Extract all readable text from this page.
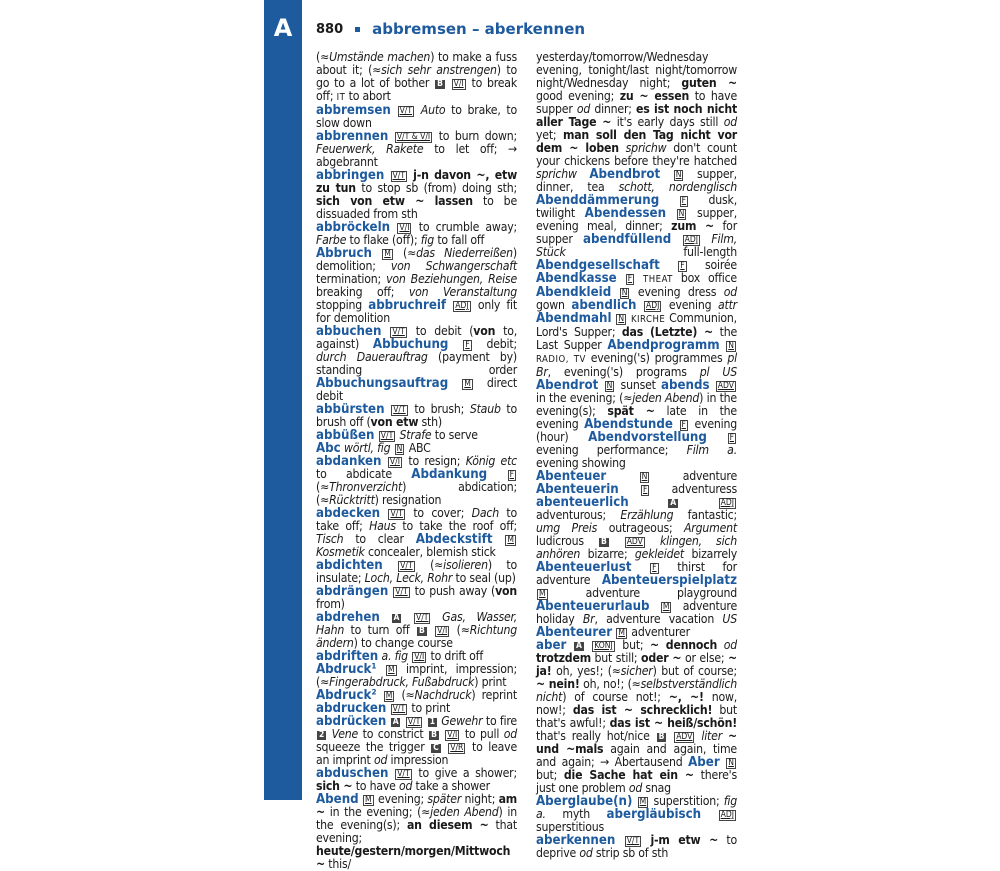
A	880 abbremsen – aberkennen

(≈Umstände machen) to make a fuss about it; (≈sich sehr anstrengen) to go to a lot of bother B V/I to break off; IT to abort

abbremsen V/T Auto to brake, to slow down

abbrennen V/T & V/I to burn down; Feuerwerk, Rakete to let off; → abgebrannt

abbringen V/T j-n davon ~, etw zu tun to stop sb (from) doing sth; sich von etw ~ lassen to be dissuaded from sth

abbröckeln V/I to crumble away; Farbe to flake (off); fig to fall off

Abbruch M (≈das Niederreißen) demolition; von Schwangerschaft termination; von Beziehungen, Reise breaking off; von Veranstaltung stopping abbruchreif ADJ only fit for demolition

abbuchen V/T to debit (von to, against) Abbuchung F debit; durch Dauerauftrag (payment by) standing order Abbuchungsauftrag M direct debit

abbürsten V/T to brush; Staub to brush off (von etw sth)

abbüßen V/T Strafe to serve

Abc wörtl, fig N ABC

abdanken V/I to resign; König etc to abdicate Abdankung	F (≈Thronverzicht) abdication; (≈Rücktritt) resignation

abdecken V/T to cover; Dach to take off; Haus to take the roof off; Tisch to clear Abdeckstift M Kosmetik concealer, blemish stick

abdichten V/T (≈isolieren) to insulate; Loch, Leck, Rohr to seal (up)

abdrängen V/T to push away (von from)

abdrehen A V/T Gas, Wasser, Hahn to turn off B V/I (≈Richtung ändern) to change course

abdriften a. fig V/I to drift off

Abdruck¹ M imprint, impression; (≈Fingerabdruck, Fußabdruck) print

Abdruck² M (≈Nachdruck) reprint abdrucken V/T to print

abdrücken A V/T 1 Gewehr to fire 2 Vene to constrict B V/I to pull od squeeze the trigger C V/R to leave an imprint od impression

abduschen V/T to give a shower; sich ~ to have od take a shower

Abend M evening; später night; am ~ in the evening; (≈jeden Abend) in the evening(s); an diesem ~ that evening; heute/gestern/morgen/Mittwoch ~ this/

yesterday/tomorrow/Wednesday evening, tonight/last night/tomorrow night/Wednesday night; guten ~ good evening; zu ~ essen to have supper od dinner; es ist noch nicht aller Tage ~ it's early days still od yet; man soll den Tag nicht vor dem ~ loben sprichw don't count your chickens before they're hatched sprichw Abendbrot N supper, dinner, tea schott, nordenglisch Abenddämmerung	F dusk, twilight Abendessen N supper, evening meal, dinner; zum ~ for supper abendfüllend ADJ Film, Stück full-length Abendgesellschaft F soirée Abendkasse F THEAT box office Abendkleid N evening dress od gown abendlich ADJ evening attr Abendmahl N KIRCHE Communion, Lord's Supper; das (Letzte) ~ the Last Supper Abendprogramm N RADIO, TV evening('s) programmes pl Br, evening('s) programs pl US Abendrot N sunset abends ADV in the evening; (≈jeden Abend) in the evening(s); spät ~ late in the evening Abendstunde F evening (hour) Abendvorstellung	F evening performance; Film a. evening showing

Abenteuer	N adventure Abenteuerin	F adventuress abenteuerlich	A	ADJ adventurous; Erzählung fantastic; umg Preis outrageous; Argument ludicrous B ADV klingen, sich anhören bizarre; gekleidet bizarrely Abenteuerlust F thirst for adventure Abenteuerspielplatz M adventure playground Abenteuerurlaub M adventure holiday Br, adventure vacation US Abenteurer M adventurer

aber A KONJ but; ~ dennoch od trotzdem but still; oder ~ or else; ~ ja! oh, yes!; (≈sicher) but of course; ~ nein! oh, no!; (≈selbstverständlich nicht) of course not!; ~, ~! now, now!; das ist ~ schrecklich! but that's awful!; das ist ~ heiß/schön! that's really hot/nice B ADV liter ~ und ~mals again and again, time and again; → Abertausend Aber N but; die Sache hat ein ~ there's just one problem od snag

Aberglaube(n) M superstition; fig a. myth abergläubisch ADJ superstitious

aberkennen V/T j-m etw ~ to deprive od strip sb of sth
